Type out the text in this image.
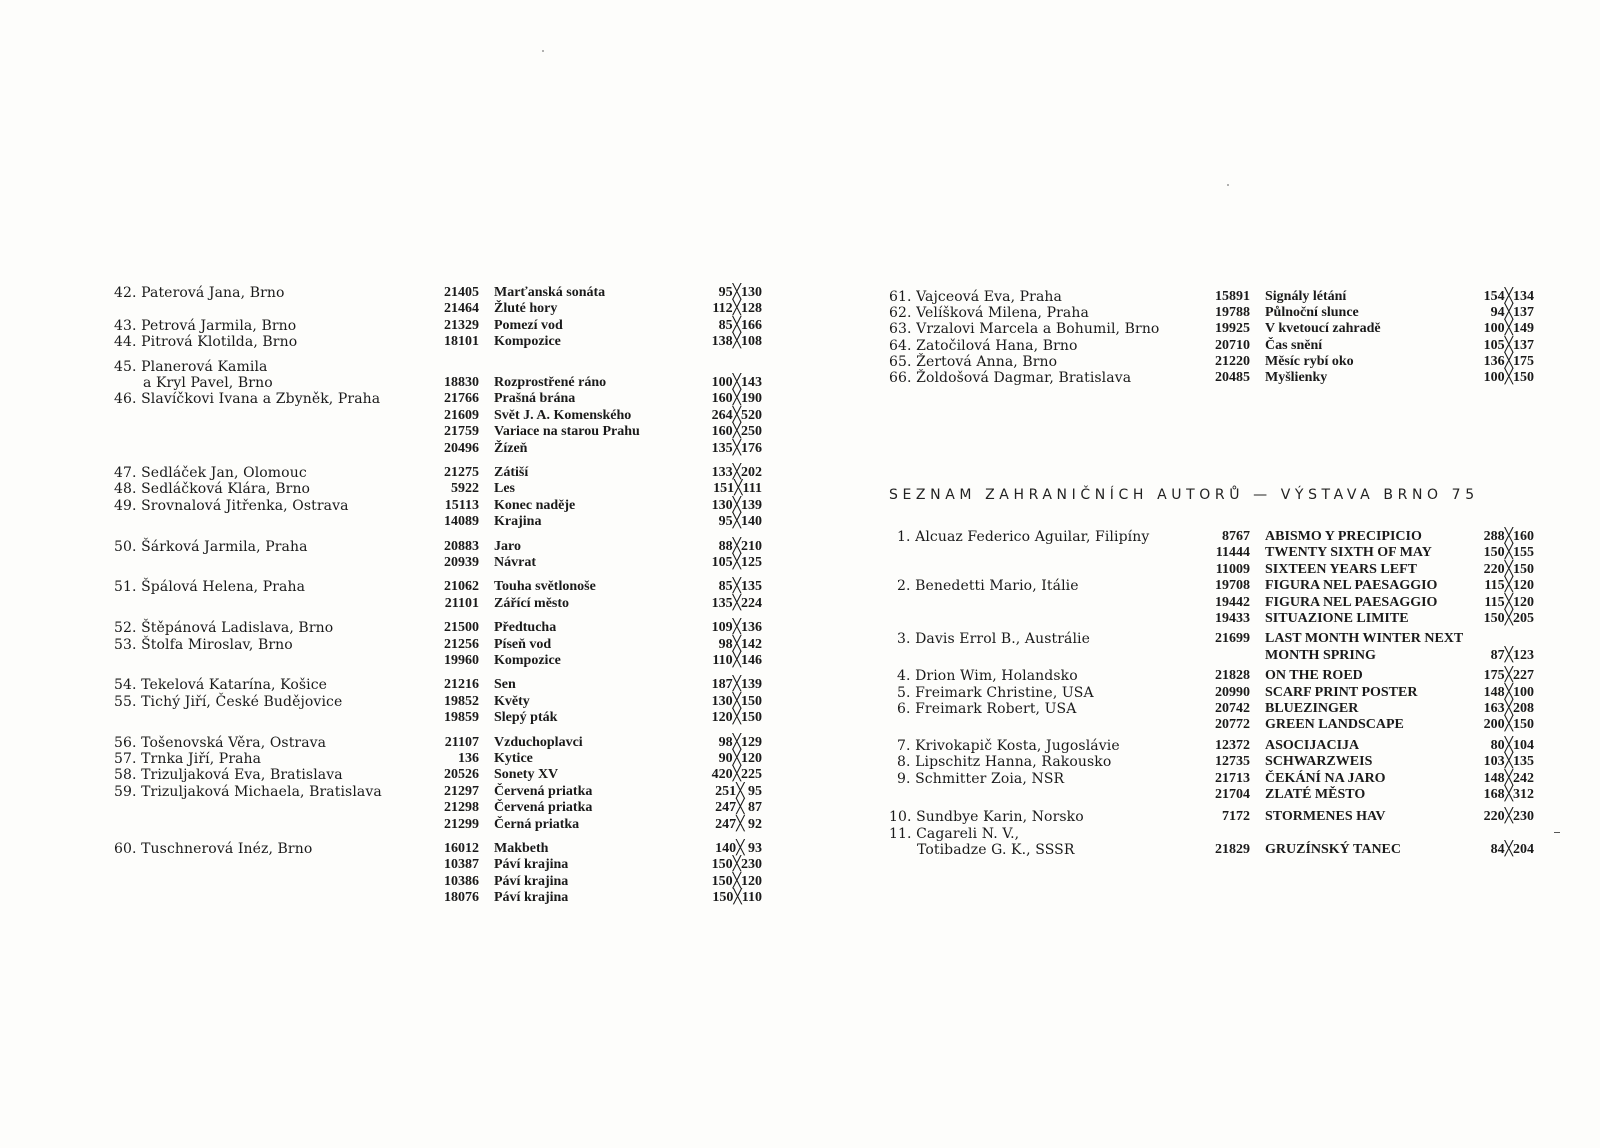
42. Paterová Jana, Brno	21405 Marťanská sonáta	95╳130
21464 Žluté hory	112╳128
43. Petrová Jarmila, Brno	21329 Pomezí vod	85╳166
44. Pitrová Klotilda, Brno	18101 Kompozice	138╳108
45. Planerová Kamila
a Kryl Pavel, Brno	18830 Rozprostřené ráno	100╳143
46. Slavíčkovi Ivana a Zbyněk, Praha	21766 Prašná brána	160╳190
21609 Svět J. A. Komenského	264╳520
21759 Variace na starou Prahu	160╳250
20496 Žízeň	135╳176
47. Sedláček Jan, Olomouc	21275 Zátiší	133╳202
48. Sedláčková Klára, Brno	5922 Les	151╳111
49. Srovnalová Jitřenka, Ostrava	15113 Konec naděje	130╳139
14089 Krajina	95╳140
50. Šárková Jarmila, Praha	20883 Jaro	88╳210
20939 Návrat	105╳125
51. Špálová Helena, Praha	21062 Touha světlonoše	85╳135
21101 Zářící město	135╳224
52. Štěpánová Ladislava, Brno	21500 Předtucha	109╳136
53. Štolfa Miroslav, Brno	21256 Píseň vod	98╳142
19960 Kompozice	110╳146
54. Tekelová Katarína, Košice	21216 Sen	187╳139
55. Tichý Jiří, České Budějovice	19852 Květy	130╳150
19859 Slepý pták	120╳150
56. Tošenovská Věra, Ostrava	21107 Vzduchoplavci	98╳129
57. Trnka Jiří, Praha	136 Kytice	90╳120
58. Trizuljaková Eva, Bratislava	20526 Sonety XV	420╳225
59. Trizuljaková Michaela, Bratislava	21297 Červená priatka	251╳ 95
21298 Červená priatka	247╳ 87
21299 Černá priatka	247╳ 92
60. Tuschnerová Inéz, Brno	16012 Makbeth	140╳ 93
10387 Páví krajina	150╳230
10386 Páví krajina	150╳120
18076 Páví krajina	150╳110
61. Vajceová Eva, Praha	15891 Signály létání	154╳134
62. Velíšková Milena, Praha	19788 Půlnoční slunce	94╳137
63. Vrzalovi Marcela a Bohumil, Brno	19925 V kvetoucí zahradě	100╳149
64. Zatočilová Hana, Brno	20710 Čas snění	105╳137
65. Žertová Anna, Brno	21220 Měsíc rybí oko	136╳175
66. Žoldošová Dagmar, Bratislava	20485 Myšlienky	100╳150
SEZNAM ZAHRANIČNÍCH AUTORŮ — VÝSTAVA BRNO 75
1. Alcuaz Federico Aguilar, Filipíny	8767 ABISMO Y PRECIPICIO	288╳160
11444 TWENTY SIXTH OF MAY	150╳155
11009 SIXTEEN YEARS LEFT	220╳150
2. Benedetti Mario, Itálie	19708 FIGURA NEL PAESAGGIO	115╳120
19442 FIGURA NEL PAESAGGIO	115╳120
19433 SITUAZIONE LIMITE	150╳205
3. Davis Errol B., Austrálie	21699 LAST MONTH WINTER NEXT
MONTH SPRING	87╳123
4. Drion Wim, Holandsko	21828 ON THE ROED	175╳227
5. Freimark Christine, USA	20990 SCARF PRINT POSTER	148╳100
6. Freimark Robert, USA	20742 BLUEZINGER	163╳208
20772 GREEN LANDSCAPE	200╳150
7. Krivokapič Kosta, Jugoslávie	12372 ASOCIJACIJA	80╳104
8. Lipschitz Hanna, Rakousko	12735 SCHWARZWEIS	103╳135
9. Schmitter Zoia, NSR	21713 ČEKÁNÍ NA JARO	148╳242
21704 ZLATÉ MĚSTO	168╳312
10. Sundbye Karin, Norsko	7172 STORMENES HAV	220╳230
11. Cagareli N. V.,
Totibadze G. K., SSSR	21829 GRUZÍNSKÝ TANEC	84╳204
